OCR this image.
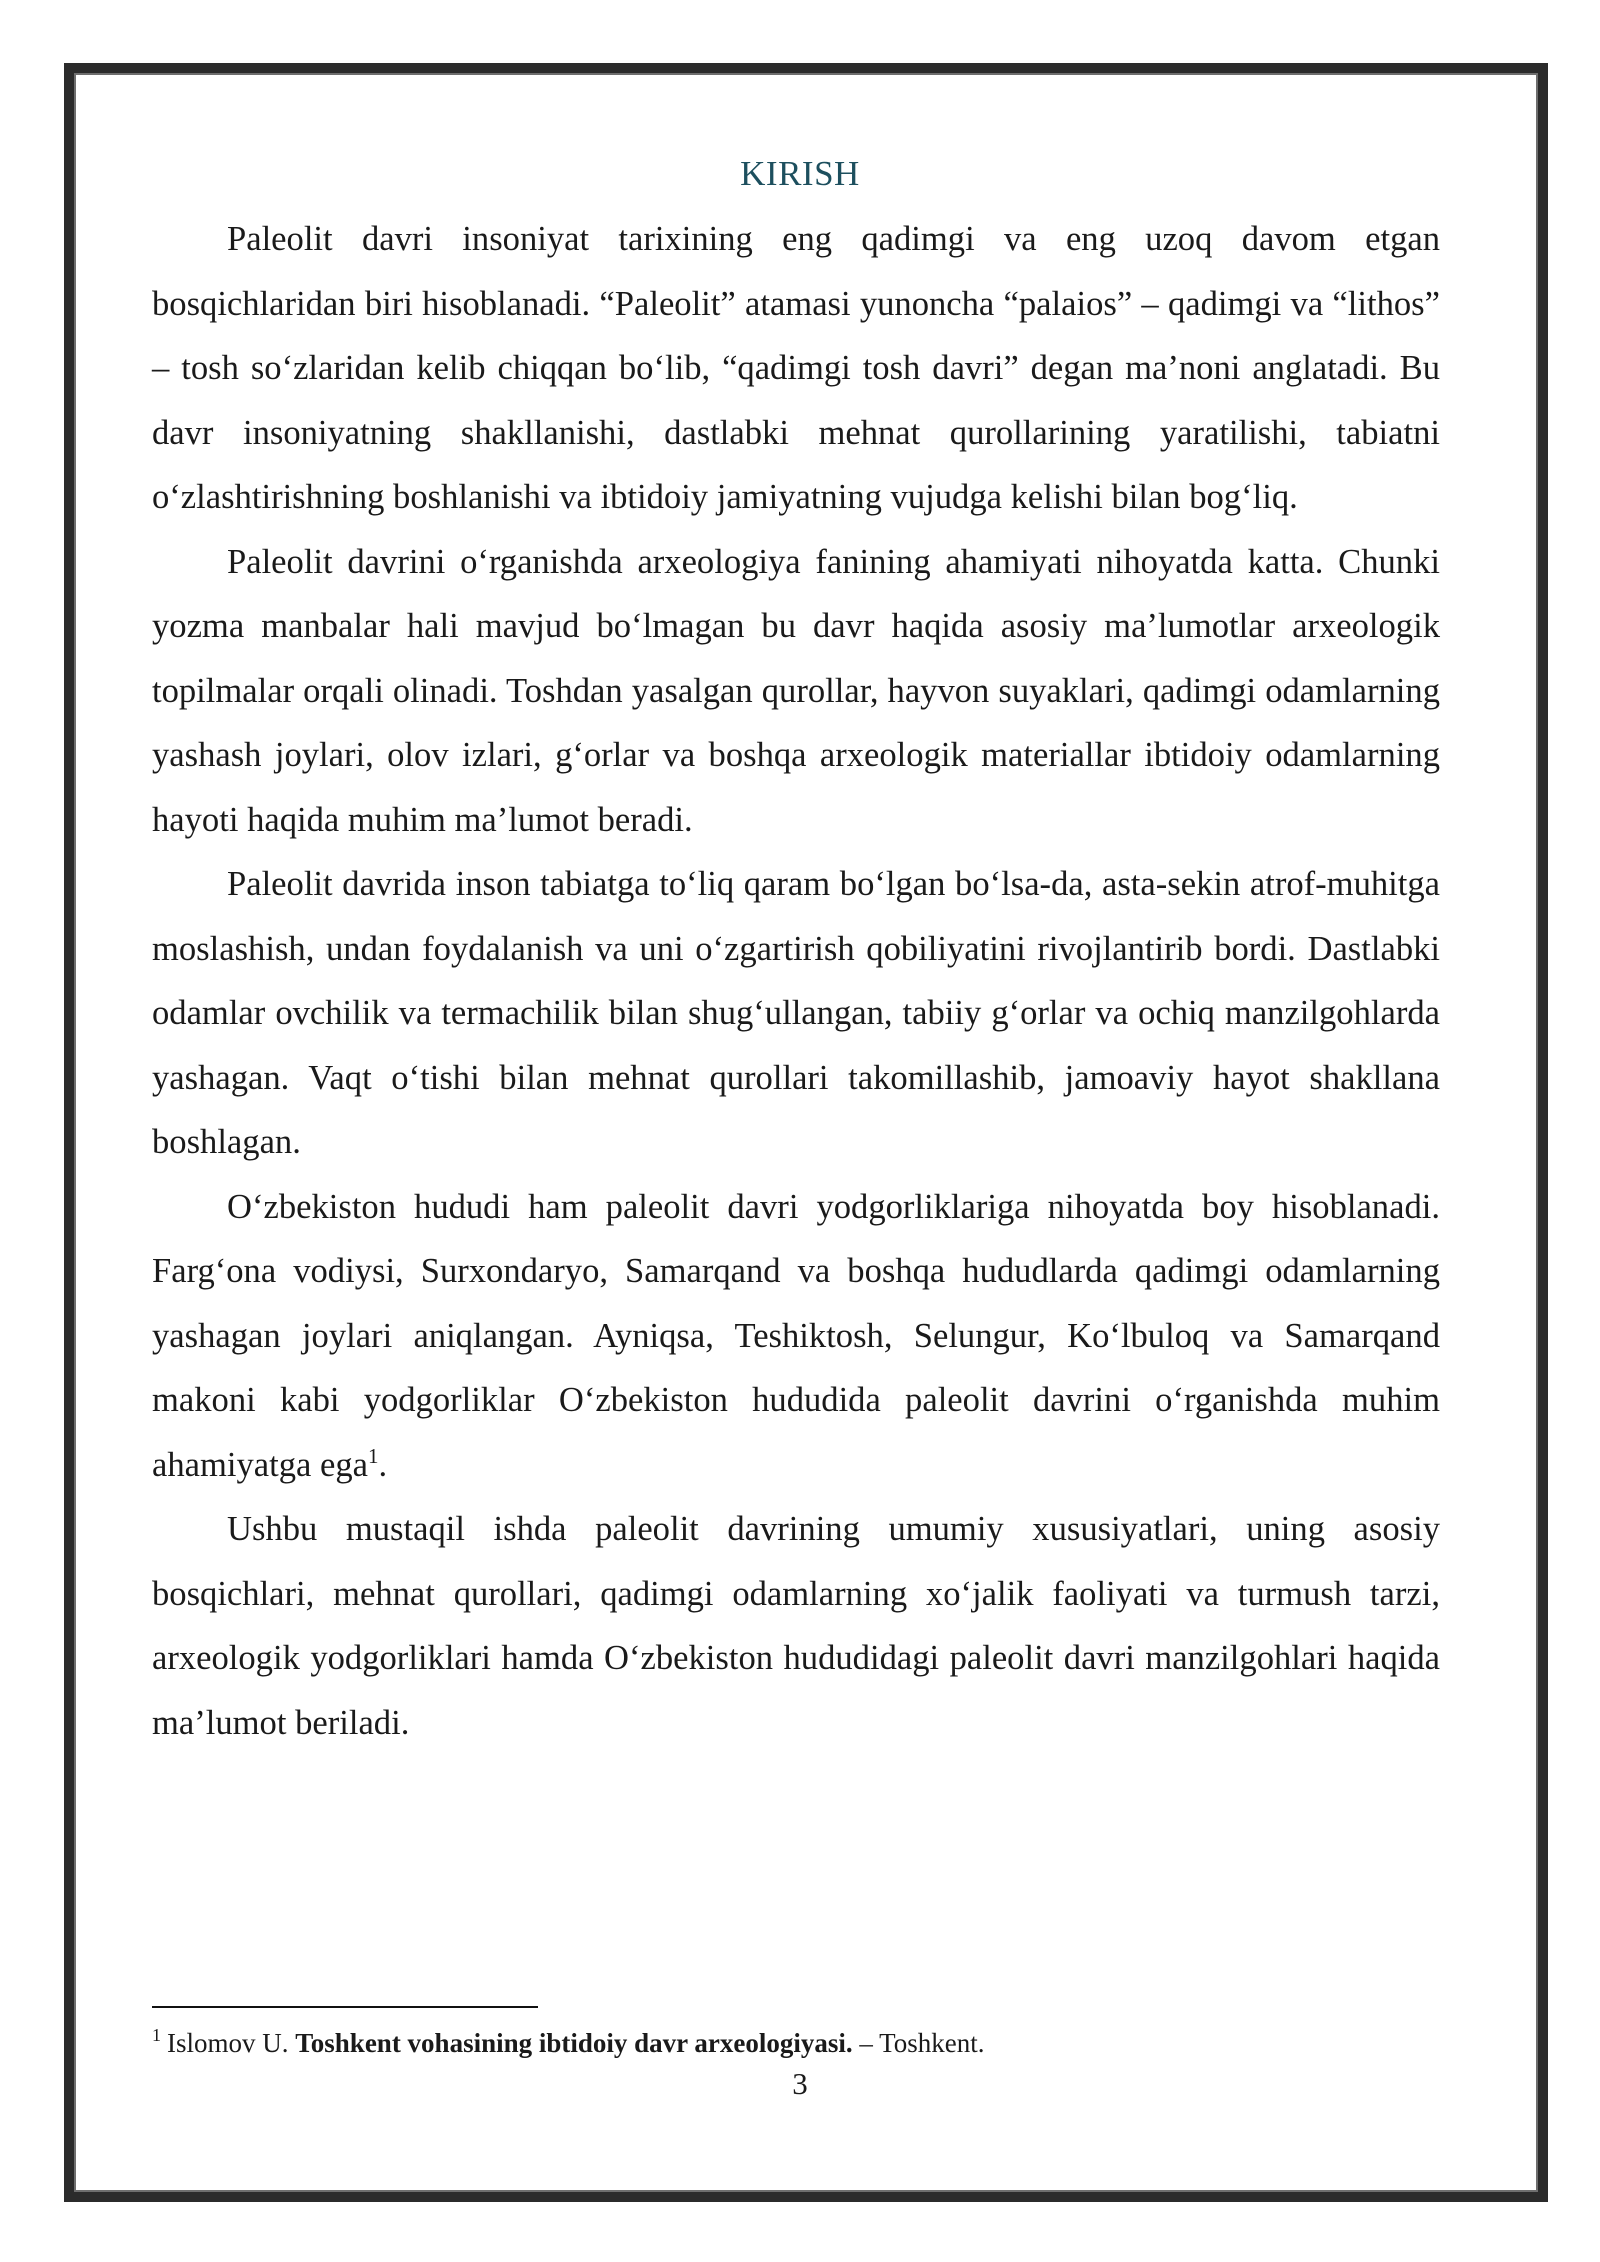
KIRISH

Paleolit davri insoniyat tarixining eng qadimgi va eng uzoq davom etgan bosqichlaridan biri hisoblanadi. “Paleolit” atamasi yunoncha “palaios” – qadimgi va “lithos” – tosh so‘zlaridan kelib chiqqan bo‘lib, “qadimgi tosh davri” degan ma’noni anglatadi. Bu davr insoniyatning shakllanishi, dastlabki mehnat qurollarining yaratilishi, tabiatni o‘zlashtirishning boshlanishi va ibtidoiy jamiyatning vujudga kelishi bilan bog‘liq.

Paleolit davrini o‘rganishda arxeologiya fanining ahamiyati nihoyatda katta. Chunki yozma manbalar hali mavjud bo‘lmagan bu davr haqida asosiy ma’lumotlar arxeologik topilmalar orqali olinadi. Toshdan yasalgan qurollar, hayvon suyaklari, qadimgi odamlarning yashash joylari, olov izlari, g‘orlar va boshqa arxeologik materiallar ibtidoiy odamlarning hayoti haqida muhim ma’lumot beradi.

Paleolit davrida inson tabiatga to‘liq qaram bo‘lgan bo‘lsa-da, asta-sekin atrof-muhitga moslashish, undan foydalanish va uni o‘zgartirish qobiliyatini rivojlantirib bordi. Dastlabki odamlar ovchilik va termachilik bilan shug‘ullangan, tabiiy g‘orlar va ochiq manzilgohlarda yashagan. Vaqt o‘tishi bilan mehnat qurollari takomillashib, jamoaviy hayot shakllana boshlagan.

O‘zbekiston hududi ham paleolit davri yodgorliklariga nihoyatda boy hisoblanadi. Farg‘ona vodiysi, Surxondaryo, Samarqand va boshqa hududlarda qadimgi odamlarning yashagan joylari aniqlangan. Ayniqsa, Teshiktosh, Selungur, Ko‘lbuloq va Samarqand makoni kabi yodgorliklar O‘zbekiston hududida paleolit davrini o‘rganishda muhim ahamiyatga ega$^1$.

Ushbu mustaqil ishda paleolit davrining umumiy xususiyatlari, uning asosiy bosqichlari, mehnat qurollari, qadimgi odamlarning xo‘jalik faoliyati va turmush tarzi, arxeologik yodgorliklari hamda O‘zbekiston hududidagi paleolit davri manzilgohlari haqida ma’lumot beriladi.

$^1$ Islomov U. Toshkent vohasining ibtidoiy davr arxeologiyasi. – Toshkent.
3
